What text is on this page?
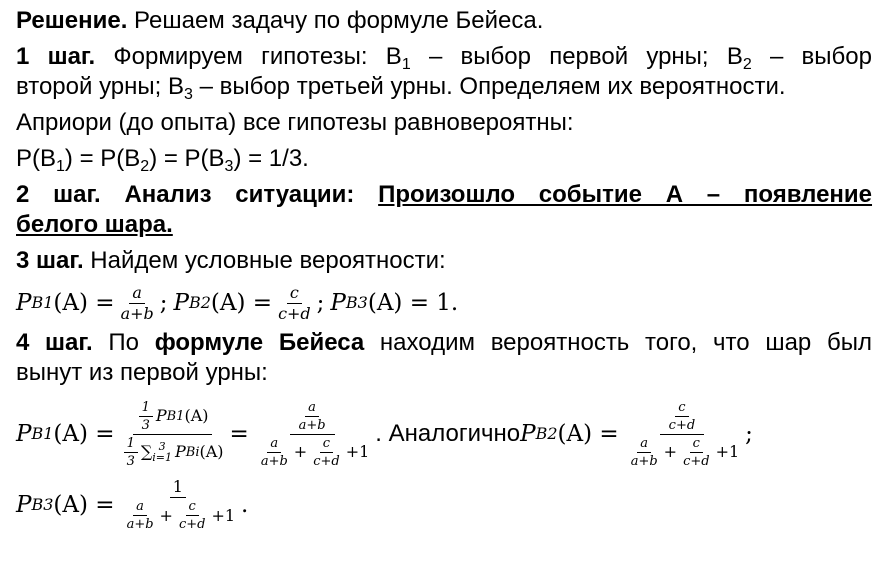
Решение. Решаем задачу по формуле Бейеса.

1 шаг. Формируем гипотезы: $B_1$ – выбор первой урны; $B_2$ – выбор

второй урны; $B_3$ – выбор третьей урны. Определяем их вероятности.

Априори (до опыта) все гипотезы равновероятны:

$P(B_1) = P(B_2) = P(B_3) = 1/3$.

2 шаг. Анализ ситуации: Произошло событие А – появление

белого шара.

3 шаг. Найдем условные вероятности:

P B1 $(A) = \frac{a}{a+b}$ ; P B2 $(A) = \frac{c}{c+d}$ ; P B3 (A) =
1.

4 шаг. По формуле Бейеса находим вероятность того, что шар был

вынут из первой урны:

P B1 $(A) = \frac{1}{3}$ P B1 (A)
$\frac{1}{3}$ ∑ 3
i=1 P Bi $(A) = \frac{\frac{a}{a+b}}{\frac{a}{a+b} + \frac{c}{c+d} +1}$ . Аналогично P B2 $(A) = \frac{\frac{c}{c+d}}{\frac{a}{a+b} + \frac{c}{c+d} +1}$ ;
P B3 $(A) = \frac{1}{\frac{a}{a+b} + \frac{c}{c+d} +1}$ .
